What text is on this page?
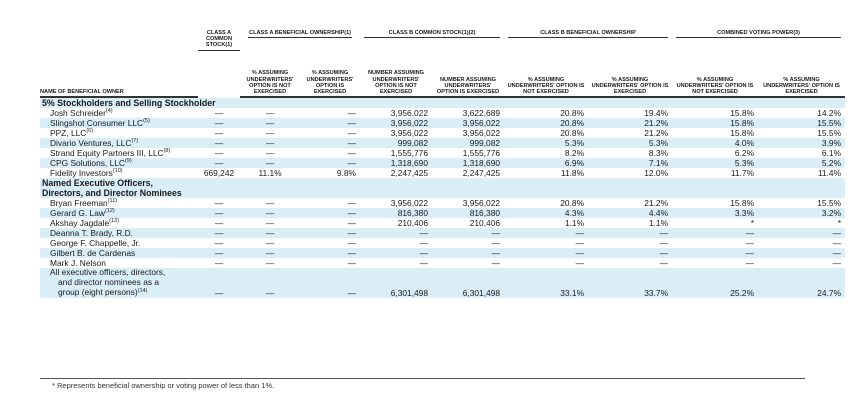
	CLASS A COMMON STOCK$^{(1)}$	CLASS A BENEFICIAL OWNERSHIP$^{(1)}$		CLASS B COMMON $STOCK^{(1)(2)}$		CLASS B BENEFICIAL OWNERSHIP		COMBINED VOTING POWER$^{(3)}$

NAME OF BENEFICIAL OWNER		% ASSUMING UNDERWRITERS' OPTION IS NOT EXERCISED	% ASSUMING UNDERWRITERS' OPTION IS EXERCISED	NUMBER ASSUMING UNDERWRITERS' OPTION IS NOT EXERCISED	NUMBER ASSUMING UNDERWRITERS' OPTION IS EXERCISED	% ASSUMING UNDERWRITERS' OPTION IS NOT EXERCISED	% ASSUMING UNDERWRITERS' OPTION IS EXERCISED	% ASSUMING UNDERWRITERS' OPTION IS NOT EXERCISED	% ASSUMING UNDERWRITERS' OPTION IS EXERCISED

5% Stockholders and Selling Stockholder									
Josh Schreider$^{(4)}$	—	—	—	3,956,022	3,622,689	20.8%	19.4%	15.8%	14.2%
Slingshot Consumer LLC$^{(5)}$	—	—	—	3,956,022	3,956,022	20.8%	21.2%	15.8%	15.5%
PPZ, LLC$^{(6)}$	—	—	—	3,956,022	3,956,022	20.8%	21.2%	15.8%	15.5%
Divario Ventures, LLC$^{(7)}$	—	—	—	999,082	999,082	5.3%	5.3%	4.0%	3.9%
Strand Equity Partners III, LLC$^{(8)}$	—	—	—	1,555,776	1,555,776	8.2%	8.3%	6.2%	6.1%
CPG Solutions, LLC$^{(9)}$	—	—	—	1,318,690	1,318,690	6.9%	7.1%	5.3%	5.2%
Fidelity Investors$^{(10)}$	669,242	11.1%	9.8%	2,247,425	2,247,425	11.8%	12.0%	11.7%	11.4%

Named Executive Officers, Directors, and Director Nominees									

Bryan Freeman$^{(11)}$	—	—	—	3,956,022	3,956,022	20.8%	21.2%	15.8%	15.5%
Gerard G. Law$^{(12)}$	—	—	—	816,380	816,380	4.3%	4.4%	3.3%	3.2%
Akshay Jagdale$^{(13)}$	—	—	—	210,406	210,406	1.1%	1.1%	*	*
Deanna T. Brady, R.D.	—	—	—	—	—	—	—	—	—
George F. Chappelle, Jr.	—	—	—	—	—	—	—	—	—
Gilbert B. de Cardenas	—	—	—	—	—	—	—	—	—
Mark J. Nelson	—	—	—	—	—	—	—	—	—

All executive officers, directors,
and director nominees as a
group (eight persons)$^{(14)}$	—	—	—	6,301,498	6,301,498	33.1%	33.7%	25.2%	24.7%
* Represents beneficial ownership or voting power of less than 1%.
